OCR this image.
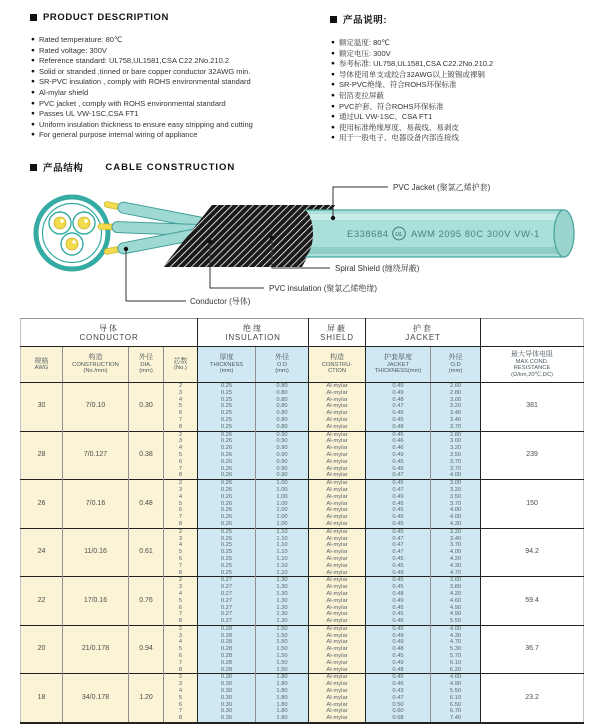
PRODUCT DESCRIPTION
● Rated temperature: 80℃
● Rated voltage: 300V
● Reference standard: UL758,UL1581,CSA C22.2No.210.2
● Solid or stranded ,tinned or bare copper conductor 32AWG min.
● SR-PVC insulation , comply with ROHS environmental standard
● Al-mylar shield
● PVC jacket , comply with ROHS environmental standard
● Passes UL VW-1SC,CSA FT1
● Uniform insulation thickness to ensure easy stripping and cutting
● For general purpose internal wiring of appliance
产品说明:
● 额定温度: 80℃
● 额定电压: 300V
● 参考标准: UL758,UL1581,CSA C22.2No.210.2
● 导体使用单支或绞合32AWG以上镀锡或裸铜
● SR-PVC绝缘、符合ROHS环保标准
● 铝箔麦拉屏蔽
● PVC护套、符合ROHS环保标准
● 通过UL VW-1SC、CSA FT1
● 使用标准绝缘厚度、易裁线、易剥皮
● 用于一般电子、电器设备内部连接线
产品结构 CABLE CONSTRUCTION
E338684 UL AWM 2095 80C 300V VW-1
PVC Jacket (聚氯乙烯护套)
Spiral Shield (缠绕屏蔽)
PVC insulation (聚氯乙烯绝缘)
Conductor (导体)
导体
CONDUCTOR

绝缘
INSULATION

屏蔽
SHIELD

护套
JACKET

规格
AWG

构造
CONSTRUCTION
(No./mm)

外径
DIA.
(mm)

芯数
(No.)

厚度
THICKNESS
(mm)

外径
O.D
(mm)

构造
CONSTRU-
CTION

护套厚度
JACKET
THICKNESS(mm)

外径
O.D
(mm)

最大导体电阻
MAX.COND.
RESISTANCE
(Ω/km,20℃,DC)

30	7/0.10	0.30	2	0.25	0.80	Al-mylar	0.45	2.60	381
			3	0.25	0.80	Al-mylar	0.49	2.80	
			4	0.25	0.80	Al-mylar	0.48	3.00	
			5	0.25	0.80	Al-mylar	0.47	3.20	
			6	0.25	0.80	Al-mylar	0.45	3.40	
			7	0.25	0.80	Al-mylar	0.45	3.40	
			8	0.25	0.80	Al-mylar	0.48	3.70	
28	7/0.127	0.38	2	0.26	0.90	Al-mylar	0.45	2.80	239
			3	0.26	0.90	Al-mylar	0.46	3.00	
			4	0.26	0.90	Al-mylar	0.46	3.20	
			5	0.26	0.90	Al-mylar	0.49	3.50	
			6	0.26	0.90	Al-mylar	0.45	3.70	
			7	0.26	0.90	Al-mylar	0.45	3.70	
			8	0.26	0.90	Al-mylar	0.47	4.00	
26	7/0.16	0.48	2	0.26	1.00	Al-mylar	0.45	3.00	150
			3	0.26	1.00	Al-mylar	0.47	3.20	
			4	0.26	1.00	Al-mylar	0.49	3.50	
			5	0.26	1.00	Al-mylar	0.45	3.70	
			6	0.26	1.00	Al-mylar	0.45	4.00	
			7	0.26	1.00	Al-mylar	0.45	4.00	
			8	0.26	1.00	Al-mylar	0.45	4.30	
24	11/0.16	0.61	2	0.25	1.10	Al-mylar	0.45	3.20	94.2
			3	0.25	1.10	Al-mylar	0.47	3.40	
			4	0.25	1.10	Al-mylar	0.47	3.70	
			5	0.25	1.10	Al-mylar	0.47	4.00	
			6	0.25	1.10	Al-mylar	0.45	4.20	
			7	0.25	1.10	Al-mylar	0.45	4.30	
			8	0.25	1.10	Al-mylar	0.49	4.70	
22	17/0.16	0.76	2	0.27	1.30	Al-mylar	0.45	3.60	59.4
			3	0.27	1.30	Al-mylar	0.45	3.80	
			4	0.27	1.30	Al-mylar	0.48	4.20	
			5	0.27	1.30	Al-mylar	0.49	4.60	
			6	0.27	1.30	Al-mylar	0.45	4.90	
			7	0.27	1.30	Al-mylar	0.45	4.90	
			8	0.27	1.30	Al-mylar	0.46	5.50	
20	21/0.178	0.94	2	0.28	1.50	Al-mylar	0.45	4.00	36.7
			3	0.28	1.50	Al-mylar	0.49	4.30	
			4	0.28	1.50	Al-mylar	0.49	4.70	
			5	0.28	1.50	Al-mylar	0.48	5.30	
			6	0.28	1.50	Al-mylar	0.45	5.70	
			7	0.28	1.50	Al-mylar	0.49	6.10	
			8	0.28	1.50	Al-mylar	0.48	6.20	
18	34/0.178	1.20	2	0.30	1.80	Al-mylar	0.45	4.60	23.2
			3	0.30	1.80	Al-mylar	0.46	4.90	
			4	0.30	1.80	Al-mylar	0.43	5.50	
			5	0.30	1.80	Al-mylar	0.47	6.10	
			6	0.30	1.80	Al-mylar	0.50	6.50	
			7	0.30	1.80	Al-mylar	0.60	6.70	
			8	0.30	1.80	Al-mylar	0.68	7.40	
